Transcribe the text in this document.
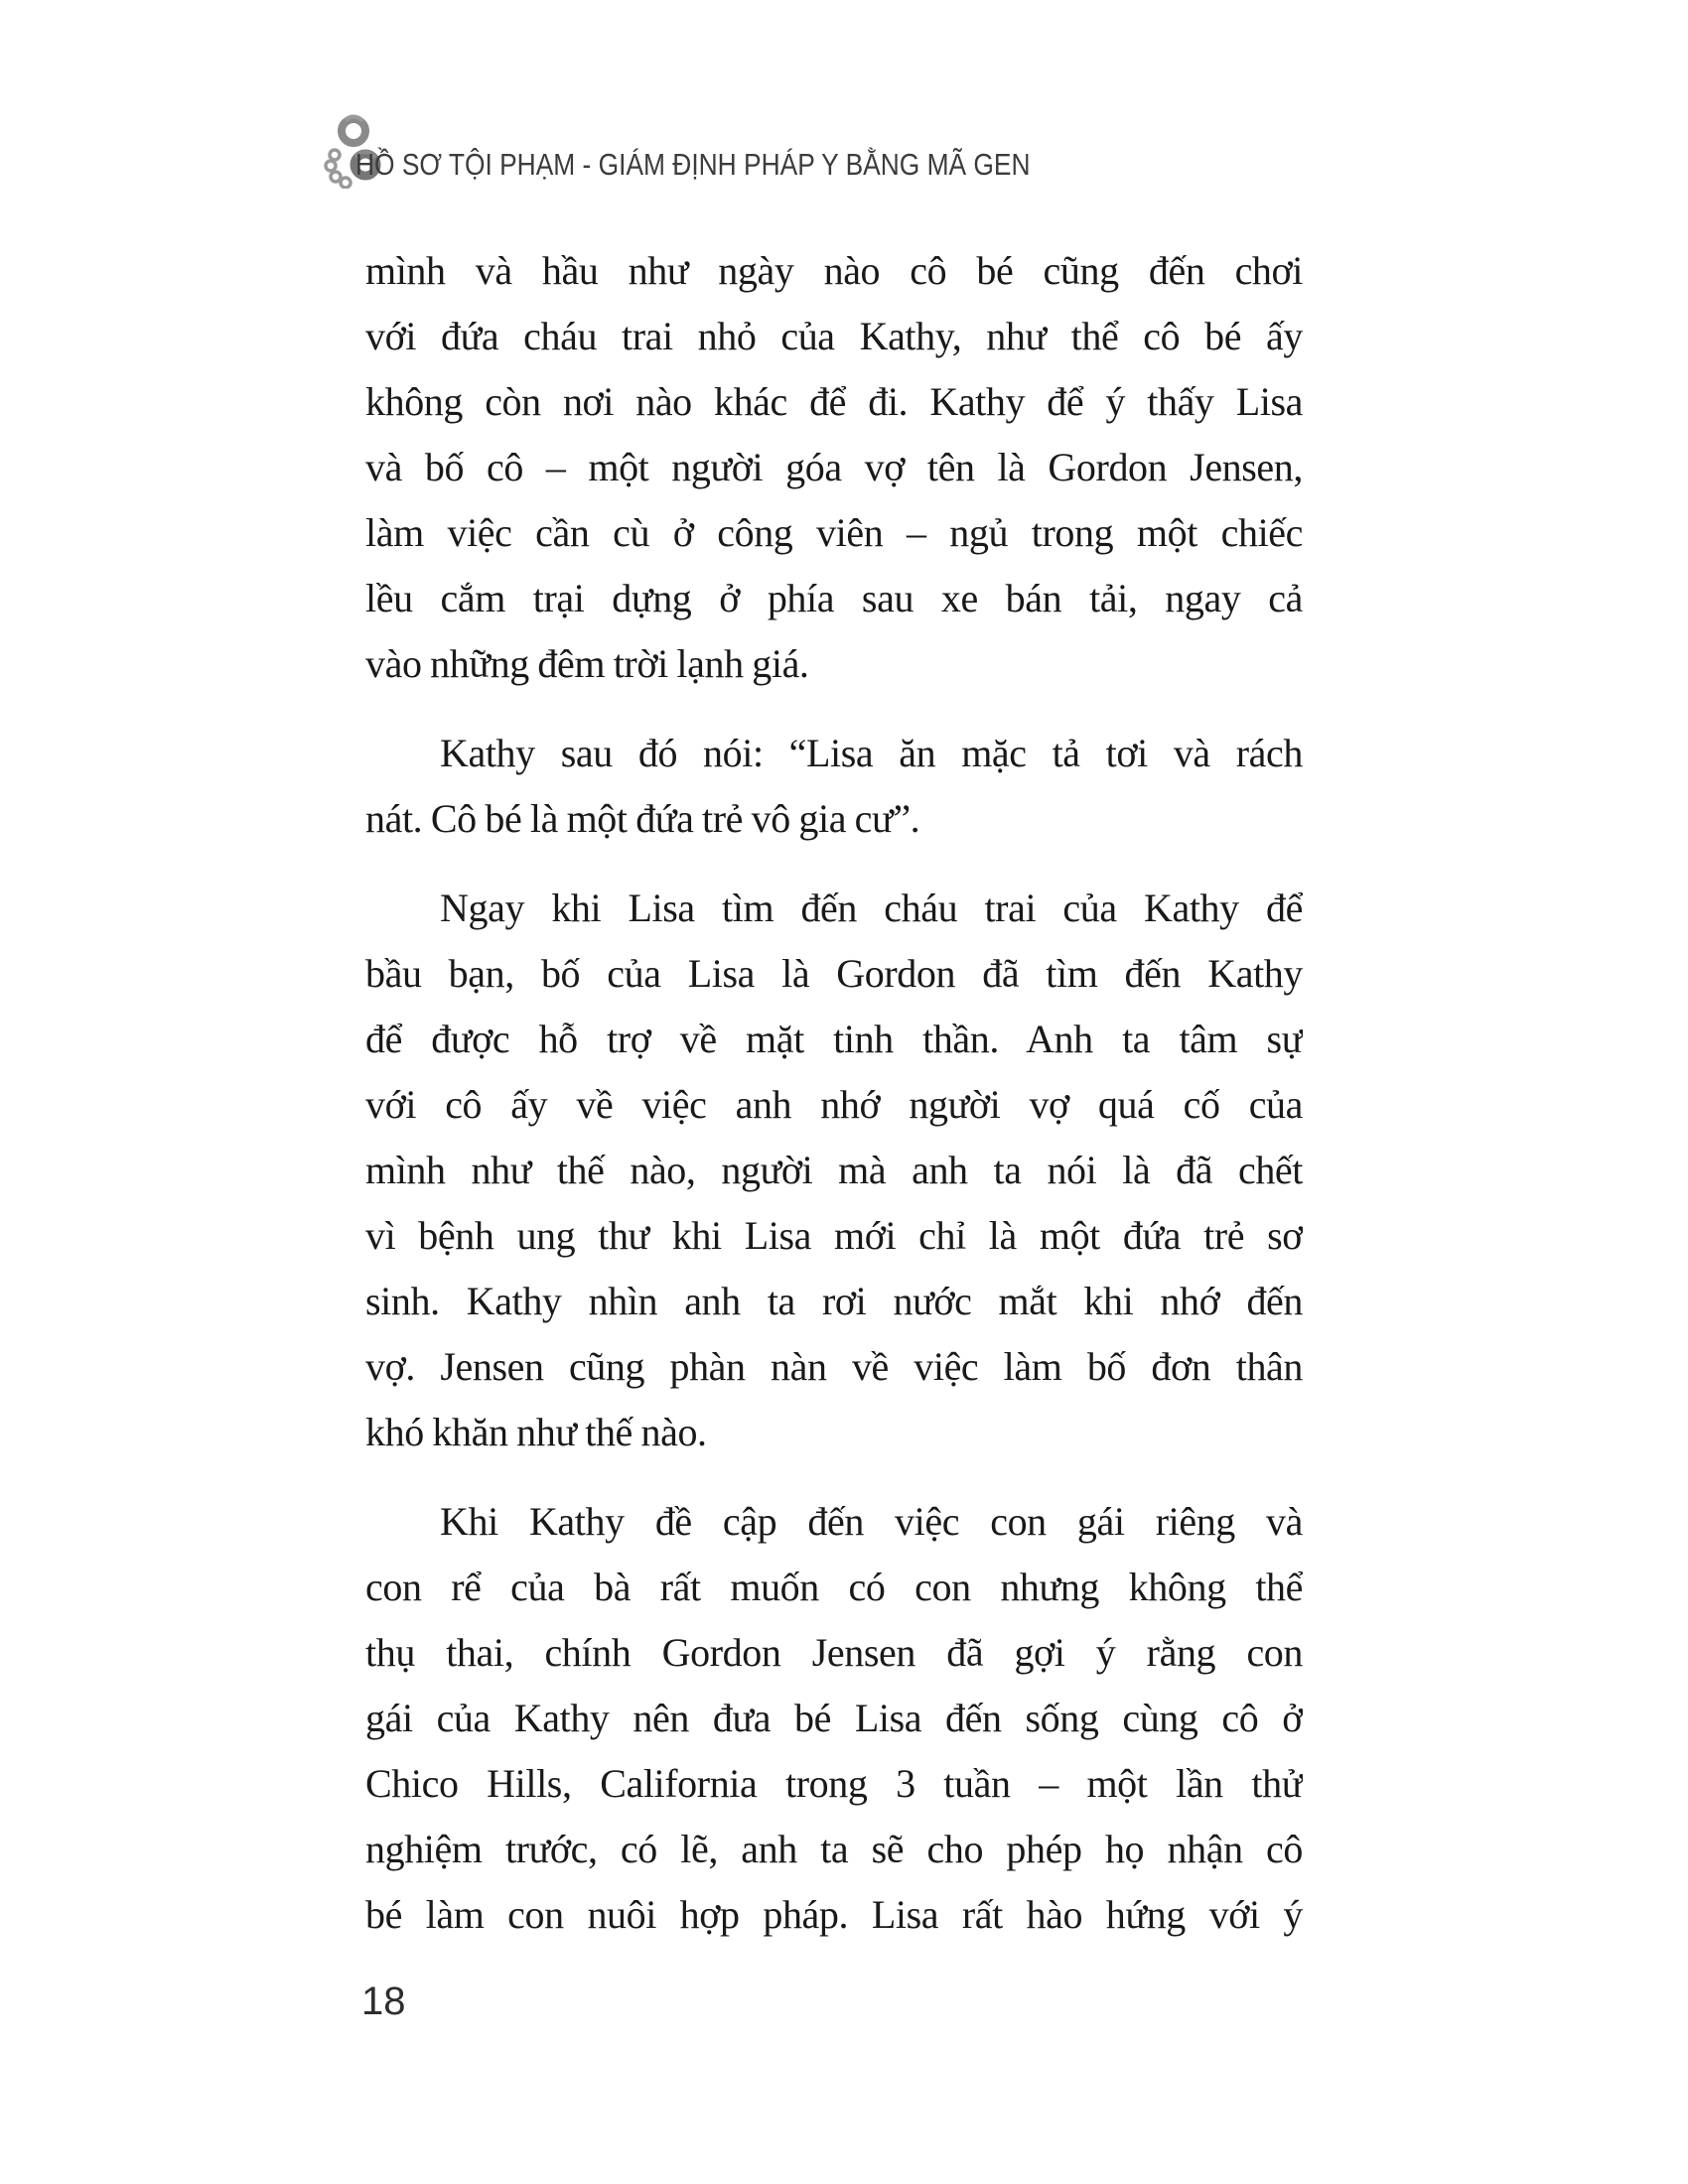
HỒ SƠ TỘI PHẠM - GIÁM ĐỊNH PHÁP Y BẰNG MÃ GEN
mình và hầu như ngày nào cô bé cũng đến chơi
với đứa cháu trai nhỏ của Kathy, như thể cô bé ấy
không còn nơi nào khác để đi. Kathy để ý thấy Lisa
và bố cô – một người góa vợ tên là Gordon Jensen,
làm việc cần cù ở công viên – ngủ trong một chiếc
lều cắm trại dựng ở phía sau xe bán tải, ngay cả
vào những đêm trời lạnh giá.
Kathy sau đó nói: “Lisa ăn mặc tả tơi và rách
nát. Cô bé là một đứa trẻ vô gia cư”.
Ngay khi Lisa tìm đến cháu trai của Kathy để
bầu bạn, bố của Lisa là Gordon đã tìm đến Kathy
để được hỗ trợ về mặt tinh thần. Anh ta tâm sự
với cô ấy về việc anh nhớ người vợ quá cố của
mình như thế nào, người mà anh ta nói là đã chết
vì bệnh ung thư khi Lisa mới chỉ là một đứa trẻ sơ
sinh. Kathy nhìn anh ta rơi nước mắt khi nhớ đến
vợ. Jensen cũng phàn nàn về việc làm bố đơn thân
khó khăn như thế nào.
Khi Kathy đề cập đến việc con gái riêng và
con rể của bà rất muốn có con nhưng không thể
thụ thai, chính Gordon Jensen đã gợi ý rằng con
gái của Kathy nên đưa bé Lisa đến sống cùng cô ở
Chico Hills, California trong 3 tuần – một lần thử
nghiệm trước, có lẽ, anh ta sẽ cho phép họ nhận cô
bé làm con nuôi hợp pháp. Lisa rất hào hứng với ý
18
